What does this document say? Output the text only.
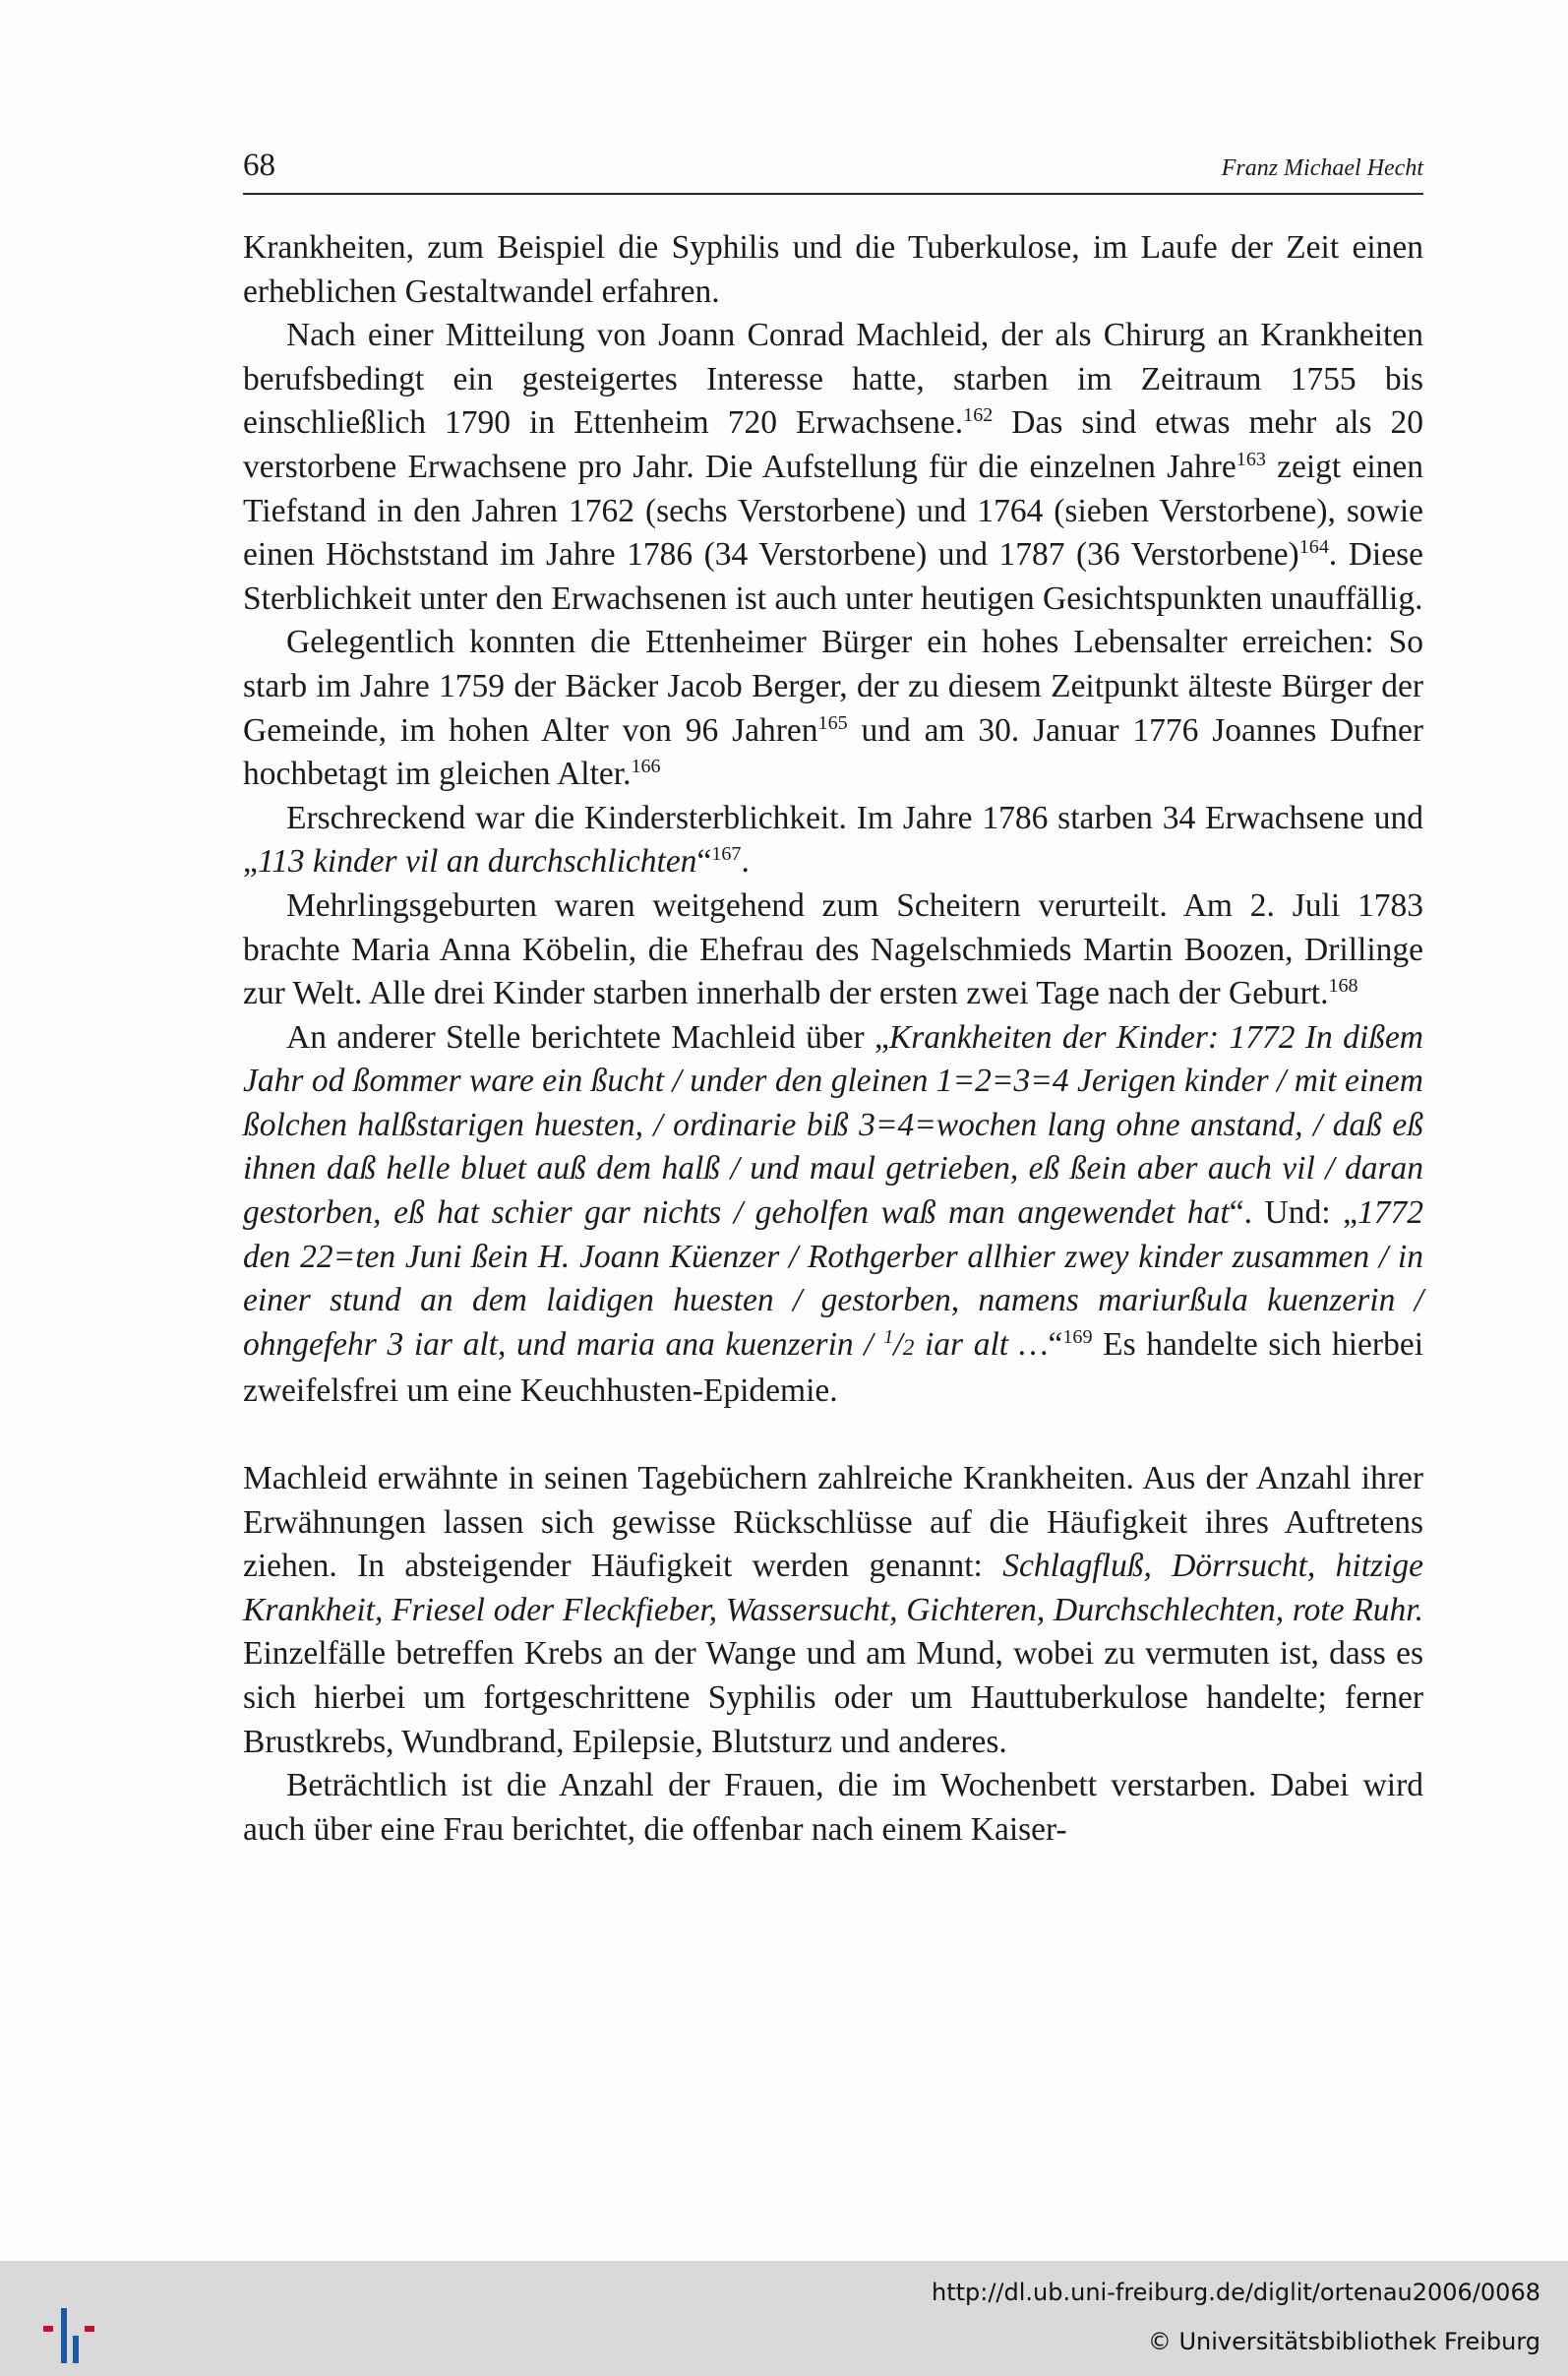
68	Franz Michael Hecht

Krankheiten, zum Beispiel die Syphilis und die Tuberkulose, im Laufe der Zeit einen erheblichen Gestaltwandel erfahren.

Nach einer Mitteilung von Joann Conrad Machleid, der als Chirurg an Krankheiten berufsbedingt ein gesteigertes Interesse hatte, starben im Zeitraum 1755 bis einschließlich 1790 in Ettenheim 720 Erwachsene.$^{162}$ Das sind etwas mehr als 20 verstorbene Erwachsene pro Jahr. Die Aufstellung für die einzelnen Jahre$^{163}$ zeigt einen Tiefstand in den Jahren 1762 (sechs Verstorbene) und 1764 (sieben Verstorbene), sowie einen Höchststand im Jahre 1786 (34 Verstorbene) und 1787 (36 Verstorbene)$^{164}$. Diese Sterblichkeit unter den Erwachsenen ist auch unter heutigen Gesichtspunkten unauffällig.

Gelegentlich konnten die Ettenheimer Bürger ein hohes Lebensalter erreichen: So starb im Jahre 1759 der Bäcker Jacob Berger, der zu diesem Zeitpunkt älteste Bürger der Gemeinde, im hohen Alter von 96 Jahren$^{165}$ und am 30. Januar 1776 Joannes Dufner hochbetagt im gleichen Alter.$^{166}$

Erschreckend war die Kindersterblichkeit. Im Jahre 1786 starben 34 Erwachsene und „113 kinder vil an durchschlichten“$^{167}$.

Mehrlingsgeburten waren weitgehend zum Scheitern verurteilt. Am 2. Juli 1783 brachte Maria Anna Köbelin, die Ehefrau des Nagelschmieds Martin Boozen, Drillinge zur Welt. Alle drei Kinder starben innerhalb der ersten zwei Tage nach der Geburt.$^{168}$

An anderer Stelle berichtete Machleid über „Krankheiten der Kinder: 1772 In dißem Jahr od ßommer ware ein ßucht / under den gleinen 1=2=3=4 Jerigen kinder / mit einem ßolchen halßstarigen huesten, / ordinarie biß 3=4=wochen lang ohne anstand, / daß eß ihnen daß helle bluet auß dem halß / und maul getrieben, eß ßein aber auch vil / daran gestorben, eß hat schier gar nichts / geholfen waß man angewendet hat“. Und: „1772 den 22=ten Juni ßein H. Joann Küenzer / Rothgerber allhier zwey kinder zusammen / in einer stund an dem laidigen huesten / gestorben, namens mariurßula kuenzerin / ohngefehr 3 iar alt, und maria ana kuenzerin / $^1$/2 iar alt …“$^{169}$ Es handelte sich hierbei zweifelsfrei um eine Keuchhusten-Epidemie.

Machleid erwähnte in seinen Tagebüchern zahlreiche Krankheiten. Aus der Anzahl ihrer Erwähnungen lassen sich gewisse Rückschlüsse auf die Häufigkeit ihres Auftretens ziehen. In absteigender Häufigkeit werden genannt: Schlagfluß, Dörrsucht, hitzige Krankheit, Friesel oder Fleckfieber, Wassersucht, Gichteren, Durchschlechten, rote Ruhr. Einzelfälle betreffen Krebs an der Wange und am Mund, wobei zu vermuten ist, dass es sich hierbei um fortgeschrittene Syphilis oder um Hauttuberkulose handelte; ferner Brustkrebs, Wundbrand, Epilepsie, Blutsturz und anderes.

Beträchtlich ist die Anzahl der Frauen, die im Wochenbett verstarben. Dabei wird auch über eine Frau berichtet, die offenbar nach einem Kaiser-

http://dl.ub.uni-freiburg.de/diglit/ortenau2006/0068
© Universitätsbibliothek Freiburg
